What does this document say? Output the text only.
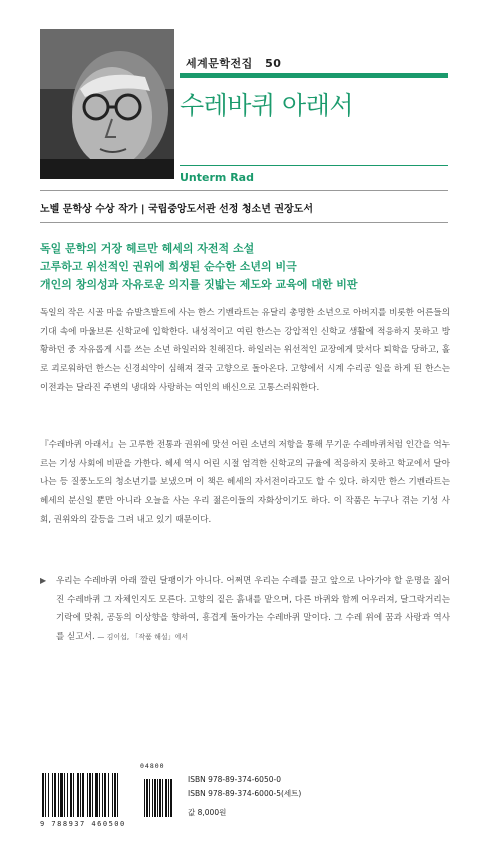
세계문학전집 50
수레바퀴 아래서
Unterm Rad
노벨 문학상 수상 작가 | 국립중앙도서관 선정 청소년 권장도서
독일 문학의 거장 헤르만 헤세의 자전적 소설
고루하고 위선적인 권위에 희생된 순수한 소년의 비극
개인의 창의성과 자유로운 의지를 짓밟는 제도와 교육에 대한 비판
독일의 작은 시골 마을 슈발츠발트에 사는 한스 기벤라트는 유달리 총명한 소년으로 아버지를 비롯한 어른들의 기대 속에 마울브론 신학교에 입학한다. 내성적이고 여린 한스는 강압적인 신학교 생활에 적응하지 못하고 방황하던 중 자유롭게 시를 쓰는 소년 하일러와 친해진다. 하일러는 위선적인 교장에게 맞서다 퇴학을 당하고, 홀로 괴로워하던 한스는 신경쇠약이 심해져 결국 고향으로 돌아온다. 고향에서 시계 수리공 일을 하게 된 한스는 이전과는 달라진 주변의 냉대와 사랑하는 여인의 배신으로 고통스러워한다.
『수레바퀴 아래서』는 고루한 전통과 권위에 맞선 어린 소년의 저항을 통해 무기운 수레바퀴처럼 인간을 억누르는 기성 사회에 비판을 가한다. 헤세 역시 어린 시절 엄격한 신학교의 규율에 적응하지 못하고 학교에서 달아나는 등 질풍노도의 청소년기를 보냈으며 이 책은 헤세의 자서전이라고도 할 수 있다. 하지만 한스 기벤라트는 헤세의 분신일 뿐만 아니라 오늘을 사는 우리 젊은이들의 자화상이기도 하다. 이 작품은 누구나 겪는 기성 사회, 권위와의 갈등을 그려 내고 있기 때문이다.
▶ 우리는 수레바퀴 아래 깔린 달팽이가 아니다. 어쩌면 우리는 수레를 끌고 앞으로 나아가야 할 운명을 짊어진 수레바퀴 그 자체인지도 모른다. 고향의 짙은 흙내를 맡으며, 다른 바퀴와 함께 어우러져, 달그락거리는 기락에 맞춰, 공동의 이상향을 향하여, 흥겹게 돌아가는 수레바퀴 말이다. 그 수레 위에 꿈과 사랑과 역사를 싣고서. — 김이섭, 「작품 해설」에서
04800
9 788937 460500
ISBN 978-89-374-6050-0
ISBN 978-89-374-6000-5(세트)
값 8,000원
